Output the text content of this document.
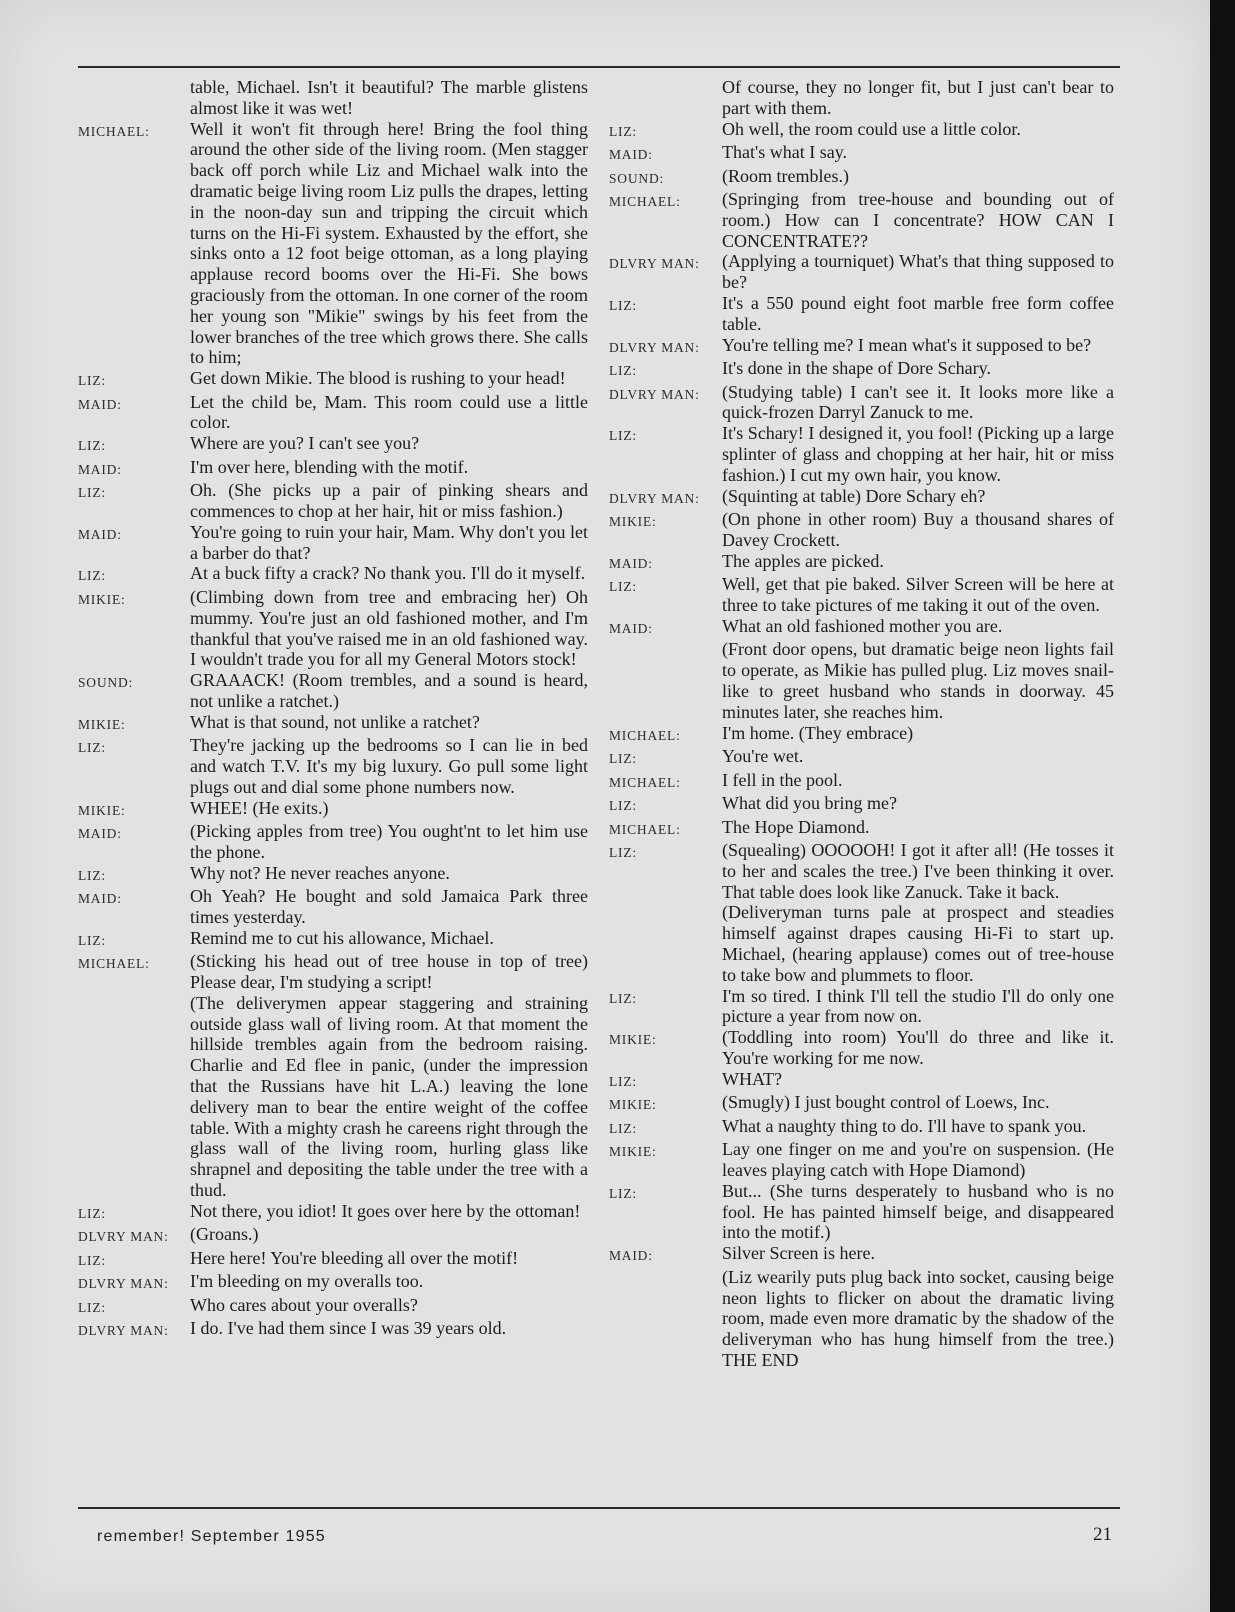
table, Michael. Isn't it beautiful? The marble glistens almost like it was wet!
MICHAEL:	Well it won't fit through here! Bring the fool thing around the other side of the living room. (Men stagger back off porch while Liz and Michael walk into the dramatic beige living room Liz pulls the drapes, letting in the noon-day sun and tripping the circuit which turns on the Hi-Fi system. Exhausted by the effort, she sinks onto a 12 foot beige ottoman, as a long playing applause record booms over the Hi-Fi. She bows graciously from the ottoman. In one corner of the room her young son "Mikie" swings by his feet from the lower branches of the tree which grows there. She calls to him;
LIZ:	Get down Mikie. The blood is rushing to your head!
MAID:	Let the child be, Mam. This room could use a little color.
LIZ:	Where are you? I can't see you?
MAID:	I'm over here, blending with the motif.
LIZ:	Oh. (She picks up a pair of pinking shears and commences to chop at her hair, hit or miss fashion.)
MAID:	You're going to ruin your hair, Mam. Why don't you let a barber do that?
LIZ:	At a buck fifty a crack? No thank you. I'll do it myself.
MIKIE:	(Climbing down from tree and embracing her) Oh mummy. You're just an old fashioned mother, and I'm thankful that you've raised me in an old fashioned way. I wouldn't trade you for all my General Motors stock!
SOUND:	GRAAACK! (Room trembles, and a sound is heard, not unlike a ratchet.)
MIKIE:	What is that sound, not unlike a ratchet?
LIZ:	They're jacking up the bedrooms so I can lie in bed and watch T.V. It's my big luxury. Go pull some light plugs out and dial some phone numbers now.
MIKIE:	WHEE! (He exits.)
MAID:	(Picking apples from tree) You ought'nt to let him use the phone.
LIZ:	Why not? He never reaches anyone.
MAID:	Oh Yeah? He bought and sold Jamaica Park three times yesterday.
LIZ:	Remind me to cut his allowance, Michael.
MICHAEL:	(Sticking his head out of tree house in top of tree) Please dear, I'm studying a script!
(The deliverymen appear staggering and straining outside glass wall of living room. At that moment the hillside trembles again from the bedroom raising. Charlie and Ed flee in panic, (under the impression that the Russians have hit L.A.) leaving the lone delivery man to bear the entire weight of the coffee table. With a mighty crash he careens right through the glass wall of the living room, hurling glass like shrapnel and depositing the table under the tree with a thud.
LIZ:	Not there, you idiot! It goes over here by the ottoman!
DLVRY MAN:	(Groans.)
LIZ:	Here here! You're bleeding all over the motif!
DLVRY MAN:	I'm bleeding on my overalls too.
LIZ:	Who cares about your overalls?
DLVRY MAN:	I do. I've had them since I was 39 years old.
Of course, they no longer fit, but I just can't bear to part with them.
LIZ:	Oh well, the room could use a little color.
MAID:	That's what I say.
SOUND:	(Room trembles.)
MICHAEL:	(Springing from tree-house and bounding out of room.) How can I concentrate? HOW CAN I CONCENTRATE??
DLVRY MAN:	(Applying a tourniquet) What's that thing supposed to be?
LIZ:	It's a 550 pound eight foot marble free form coffee table.
DLVRY MAN:	You're telling me? I mean what's it supposed to be?
LIZ:	It's done in the shape of Dore Schary.
DLVRY MAN:	(Studying table) I can't see it. It looks more like a quick-frozen Darryl Zanuck to me.
LIZ:	It's Schary! I designed it, you fool! (Picking up a large splinter of glass and chopping at her hair, hit or miss fashion.) I cut my own hair, you know.
DLVRY MAN:	(Squinting at table) Dore Schary eh?
MIKIE:	(On phone in other room) Buy a thousand shares of Davey Crockett.
MAID:	The apples are picked.
LIZ:	Well, get that pie baked. Silver Screen will be here at three to take pictures of me taking it out of the oven.
MAID:	What an old fashioned mother you are.
(Front door opens, but dramatic beige neon lights fail to operate, as Mikie has pulled plug. Liz moves snail-like to greet husband who stands in doorway. 45 minutes later, she reaches him.
MICHAEL:	I'm home. (They embrace)
LIZ:	You're wet.
MICHAEL:	I fell in the pool.
LIZ:	What did you bring me?
MICHAEL:	The Hope Diamond.
LIZ:	(Squealing) OOOOOH! I got it after all! (He tosses it to her and scales the tree.) I've been thinking it over. That table does look like Zanuck. Take it back.
(Deliveryman turns pale at prospect and steadies himself against drapes causing Hi-Fi to start up. Michael, (hearing applause) comes out of tree-house to take bow and plummets to floor.
LIZ:	I'm so tired. I think I'll tell the studio I'll do only one picture a year from now on.
MIKIE:	(Toddling into room) You'll do three and like it. You're working for me now.
LIZ:	WHAT?
MIKIE:	(Smugly) I just bought control of Loews, Inc.
LIZ:	What a naughty thing to do. I'll have to spank you.
MIKIE:	Lay one finger on me and you're on suspension. (He leaves playing catch with Hope Diamond)
LIZ:	But... (She turns desperately to husband who is no fool. He has painted himself beige, and disappeared into the motif.)
MAID:	Silver Screen is here.
(Liz wearily puts plug back into socket, causing beige neon lights to flicker on about the dramatic living room, made even more dramatic by the shadow of the deliveryman who has hung himself from the tree.) THE END
remember! September 1955	21
